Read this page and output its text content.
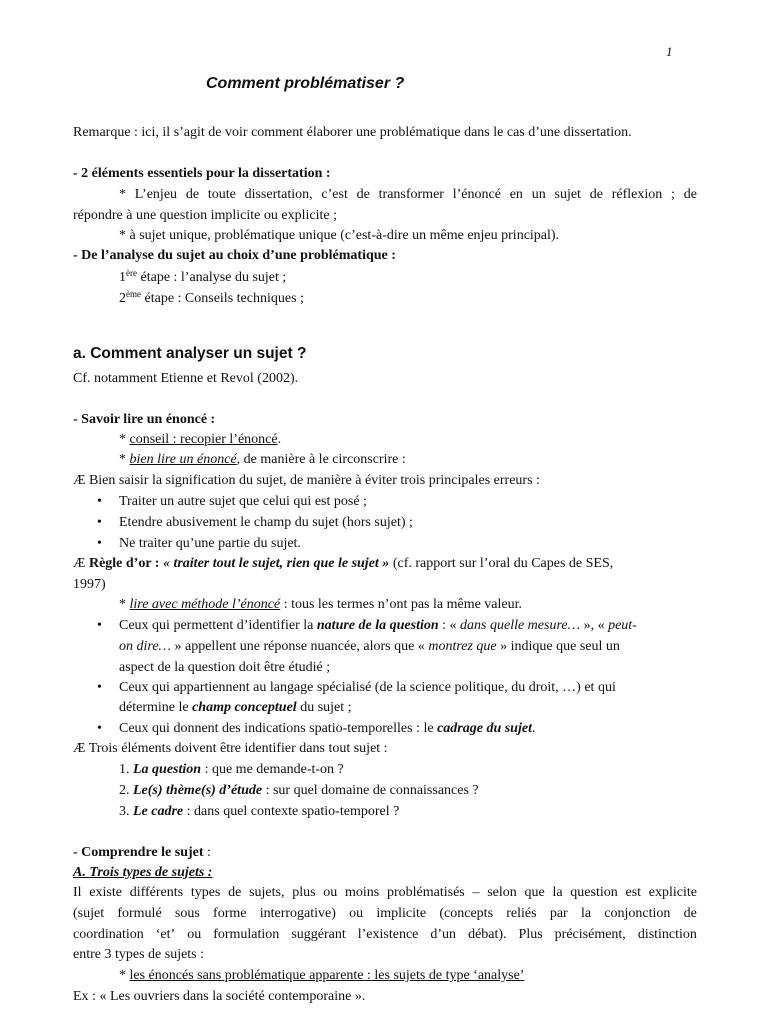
1
Comment problématiser ?
Remarque : ici, il s’agit de voir comment élaborer une problématique dans le cas d’une dissertation.
- 2 éléments essentiels pour la dissertation :
* L’enjeu de toute dissertation, c’est de transformer l’énoncé en un sujet de réflexion ; de
répondre à une question implicite ou explicite ;
* à sujet unique, problématique unique (c’est-à-dire un même enjeu principal).
- De l’analyse du sujet au choix d’une problématique :
1ère étape : l’analyse du sujet ;
2ème étape : Conseils techniques ;
a. Comment analyser un sujet ?
Cf. notamment Etienne et Revol (2002).
- Savoir lire un énoncé :
* conseil : recopier l’énoncé.
* bien lire un énoncé, de manière à le circonscrire :
Æ Bien saisir la signification du sujet, de manière à éviter trois principales erreurs :
• Traiter un autre sujet que celui qui est posé ;
• Etendre abusivement le champ du sujet (hors sujet) ;
• Ne traiter qu’une partie du sujet.
Æ Règle d’or : « traiter tout le sujet, rien que le sujet » (cf. rapport sur l’oral du Capes de SES,
1997)
* lire avec méthode l’énoncé : tous les termes n’ont pas la même valeur.
• Ceux qui permettent d’identifier la nature de la question : « dans quelle mesure… », « peut-
on dire… » appellent une réponse nuancée, alors que « montrez que » indique que seul un
aspect de la question doit être étudié ;
• Ceux qui appartiennent au langage spécialisé (de la science politique, du droit, …) et qui
détermine le champ conceptuel du sujet ;
• Ceux qui donnent des indications spatio-temporelles : le cadrage du sujet.
Æ Trois éléments doivent être identifier dans tout sujet :
1. La question : que me demande-t-on ?
2. Le(s) thème(s) d’étude : sur quel domaine de connaissances ?
3. Le cadre : dans quel contexte spatio-temporel ?
- Comprendre le sujet :
A. Trois types de sujets :
Il existe différents types de sujets, plus ou moins problématisés – selon que la question est explicite
(sujet formulé sous forme interrogative) ou implicite (concepts reliés par la conjonction de
coordination ‘et’ ou formulation suggérant l’existence d’un débat). Plus précisément, distinction
entre 3 types de sujets :
* les énoncés sans problématique apparente : les sujets de type ‘analyse’
Ex : « Les ouvriers dans la société contemporaine ».
